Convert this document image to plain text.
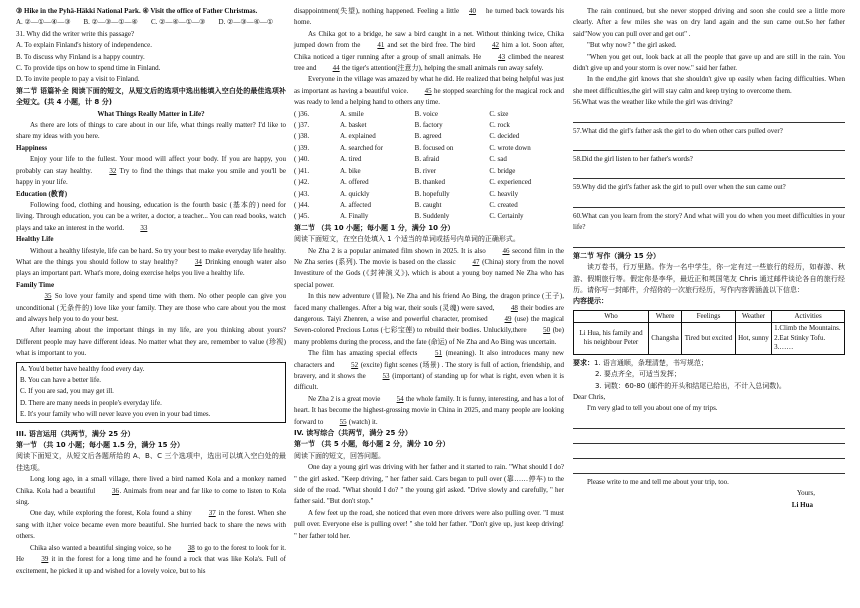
③ Hike in the Pyhä-Häkki National Park. ④ Visit the office of Father Christmas.

A. ②—①—④—③	B. ②—③—①—④	C. ②—④—①—③	D. ②—③—④—①

31. Why did the writer write this passage?

A. To explain Finland's history of independence.

B. To discuss why Finland is a happy country.

C. To provide tips on how to spend time in Finland.

D. To invite people to pay a visit to Finland.

第二节 语篇补全 阅读下面的短文，从短文后的选项中选出能填入空白处的最佳选项补全短文。(共 4 小题，计 8 分)

What Things Really Matter in Life?

As there are lots of things to care about in our life, what things really matter? I'd like to share my ideas with you here.

Happiness

Enjoy your life to the fullest. Your mood will affect your body. If you are happy, you probably can stay healthy. 32 Try to find the things that make you smile and you'll be happy in your life.

Education (教育)

Following food, clothing and housing, education is the fourth basic (基本的) need for living. Through education, you can be a writer, a doctor, a teacher... You can read books, watch plays and take an interest in the world. 33

Healthy Life

Without a healthy lifestyle, life can be hard. So try your best to make everyday life healthy. What are the things you should follow to stay healthy? 34 Drinking enough water also plays an important part. What's more, doing exercise helps you live a healthy life.

Family Time

35 So love your family and spend time with them. No other people can give you unconditional (无条件的) love like your family. They are those who care about you the most and always help you to do your best.

After learning about the important things in my life, are you thinking about yours? Different people may have different ideas. No matter what they are, remember to value (珍视) what is important to you.

A. You'd better have healthy food every day.

B. You can have a better life.

C. If you are sad, you may get ill.

D. There are many needs in people's everyday life.

E. It's your family who will never leave you even in your bad times.

III. 语言运用（共两节，满分 25 分）

第一节 （共 10 小题；每小题 1.5 分，满分 15 分）

阅读下面短文，从短文后各题所给的 A、B、C 三个选项中，选出可以填入空白处的最佳选项。

Long long ago, in a small village, there lived a bird named Kola and a monkey named Chika. Kola had a beautiful 36. Animals from near and far like to come to listen to Kola sing.

One day, while exploring the forest, Kola found a shiny 37 in the forest. When she sang with it,her voice became even more beautiful. She hurried back to share the news with others.

Chika also wanted a beautiful singing voice, so he 38 to go to the forest to look for it. He 39 it in the forest for a long time and he found a rock that was like Kola's. Full of excitement, he picked it up and wished for a lovely voice, but to his

disappointment(失望), nothing happened. Feeling a little 40 he turned back towards his home.

As Chika got to a bridge, he saw a bird caught in a net. Without thinking twice, Chika jumped down from the 41 and set the bird free. The bird 42 him a lot. Soon after, Chika noticed a tiger running after a group of small animals. He 43 climbed the nearest tree and 44 the tiger's attention(注意力), helping the small animals run away safely.

Everyone in the village was amazed by what he did. He realized that being helpful was just as important as having a beautiful voice. 45 he stopped searching for the magical rock and was ready to lend a helping hand to others any time.

( )36.	A. smile	B. voice	C. size
( )37.	A. basket	B. factory	C. rock
( )38.	A. explained	B. agreed	C. decided
( )39.	A. searched for	B. focused on	C. wrote down
( )40.	A. tired	B. afraid	C. sad
( )41.	A. bike	B. river	C. bridge
( )42.	A. offered	B. thanked	C. experienced
( )43.	A. quickly	B. hopefully	C. heavily
( )44.	A. affected	B. caught	C. created
( )45.	A. Finally	B. Suddenly	C. Certainly

第二节 （共 10 小题；每小题 1 分，满分 10 分）

阅读下面短文，在空白处填入 1 个适当的单词或括号内单词的正确形式。

Ne Zha 2 is a popular animated film shown in 2025. It is also 46 second film in the Ne Zha series (系列). The movie is based on the classic 47 (China) story from the novel Investiture of the Gods (《封神演义》), which is about a young boy named Ne Zha who has special power.

In this new adventure (冒险), Ne Zha and his friend Ao Bing, the dragon prince (王子), faced many challenges. After a big war, their souls (灵魂) were saved, 48 their bodies are dangerous. Taiyi Zhenren, a wise and powerful character, promised 49 (use) the magical Seven-colored Precious Lotus (七彩宝莲) to rebuild their bodies. Unluckily,there 50 (be) many problems during the process, and the fate (命运) of Ne Zha and Ao Bing was uncertain.

The film has amazing special effects 51 (meaning). It also introduces many new characters and 52 (excite) fight scenes (场景) . The story is full of action, friendship, and bravery, and it shows the 53 (important) of standing up for what is right, even when it is difficult.

Ne Zha 2 is a great movie 54 the whole family. It is funny, interesting, and has a lot of heart. It has become the highest-grossing movie in China in 2025, and many people are looking forward to 55 (watch) it.

IV. 读写综合（共两节，满分 25 分）

第一节 （共 5 小题，每小题 2 分，满分 10 分）

阅读下面的短文，回答问题。

One day a young girl was driving with her father and it started to rain. "What should I do? " the girl asked. "Keep driving, " her father said. Cars began to pull over (靠……停车) to the side of the road. "What should I do? " the young girl asked. "Drive slowly and carefully, " her father said. "But don't stop."

A few feet up the road, she noticed that even more drivers were also pulling over. "I must pull over. Everyone else is pulling over! " she told her father. "Don't give up, just keep driving! " her father told her.

The rain continued, but she never stopped driving and soon she could see a little more clearly. After a few miles she was on dry land again and the sun came out.So her father said"Now you can pull over and get out" .

"But why now? " the girl asked.

"When you get out, look back at all the people that gave up and are still in the rain. You didn't give up and your storm is over now." said her father.

In the end,the girl knows that she shouldn't give up easily when facing difficulties. When she meet difficulties,the girl will stay calm and keep trying to overcome them.

56.What was the weather like while the girl was driving?

57.What did the girl's father ask the girl to do when other cars pulled over?

58.Did the girl listen to her father's words?

59.Why did the girl's father ask the girl to pull over when the sun came out?

60.What can you learn from the story? And what will you do when you meet difficulties in your life?

第二节 写作（满分 15 分）

读万卷书，行万里路。作为一名中学生，你一定有过一些旅行的经历，如春游、秋游、假期旅行等。假定你是李华，最近正和英国笔友 Chris 通过邮件谈论各自的旅行经历。请你写一封邮件，介绍你的一次旅行经历，写作内容需涵盖以下信息：

内容提示：

Who	Where	Feelings	Weather	Activities
Li Hua, his family and his neighbour Peter	Changsha	Tired but excited	Hot, sunny	1.Climb the Mountains.
2.Eat Stinky Tofu.
3.……

要求：1. 语言通顺，条理清楚，书写规范；

2. 要点齐全，可适当发挥；

3. 词数：60-80 (邮件的开头和结尾已给出，不计入总词数)。

Dear Chris,

I'm very glad to tell you about one of my trips.

Please write to me and tell me about your trip, too.

Yours,

Li Hua
